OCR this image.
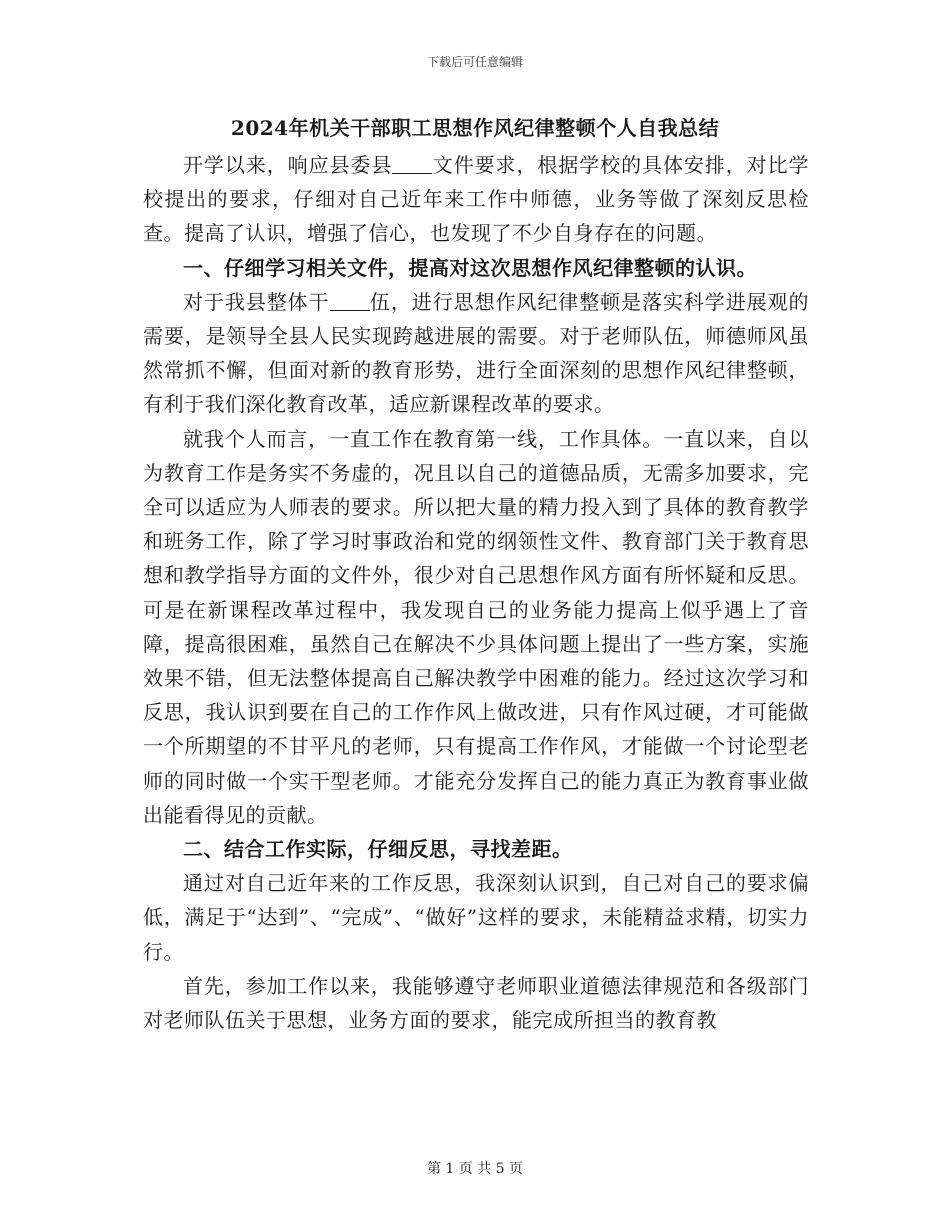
下载后可任意编辑
2024年机关干部职工思想作风纪律整顿个人自我总结

开学以来，响应县委县 文件要求，根据学校的具体安排，对比学校提出的要求，仔细对自己近年来工作中师德，业务等做了深刻反思检查。提高了认识，增强了信心，也发现了不少自身存在的问题。

一、仔细学习相关文件，提高对这次思想作风纪律整顿的认识。

对于我县整体干 伍，进行思想作风纪律整顿是落实科学进展观的需要，是领导全县人民实现跨越进展的需要。对于老师队伍，师德师风虽然常抓不懈，但面对新的教育形势，进行全面深刻的思想作风纪律整顿，有利于我们深化教育改革，适应新课程改革的要求。

就我个人而言，一直工作在教育第一线，工作具体。一直以来，自以为教育工作是务实不务虚的，况且以自己的道德品质，无需多加要求，完全可以适应为人师表的要求。所以把大量的精力投入到了具体的教育教学和班务工作，除了学习时事政治和党的纲领性文件、教育部门关于教育思想和教学指导方面的文件外，很少对自己思想作风方面有所怀疑和反思。可是在新课程改革过程中，我发现自己的业务能力提高上似乎遇上了音障，提高很困难，虽然自己在解决不少具体问题上提出了一些方案，实施效果不错，但无法整体提高自己解决教学中困难的能力。经过这次学习和反思，我认识到要在自己的工作作风上做改进，只有作风过硬，才可能做一个所期望的不甘平凡的老师，只有提高工作作风，才能做一个讨论型老师的同时做一个实干型老师。才能充分发挥自己的能力真正为教育事业做出能看得见的贡献。

二、结合工作实际，仔细反思，寻找差距。

通过对自己近年来的工作反思，我深刻认识到，自己对自己的要求偏低，满足于“达到”、“完成”、“做好”这样的要求，未能精益求精，切实力行。

首先，参加工作以来，我能够遵守老师职业道德法律规范和各级部门对老师队伍关于思想，业务方面的要求，能完成所担当的教育教

第 1 页 共 5 页
